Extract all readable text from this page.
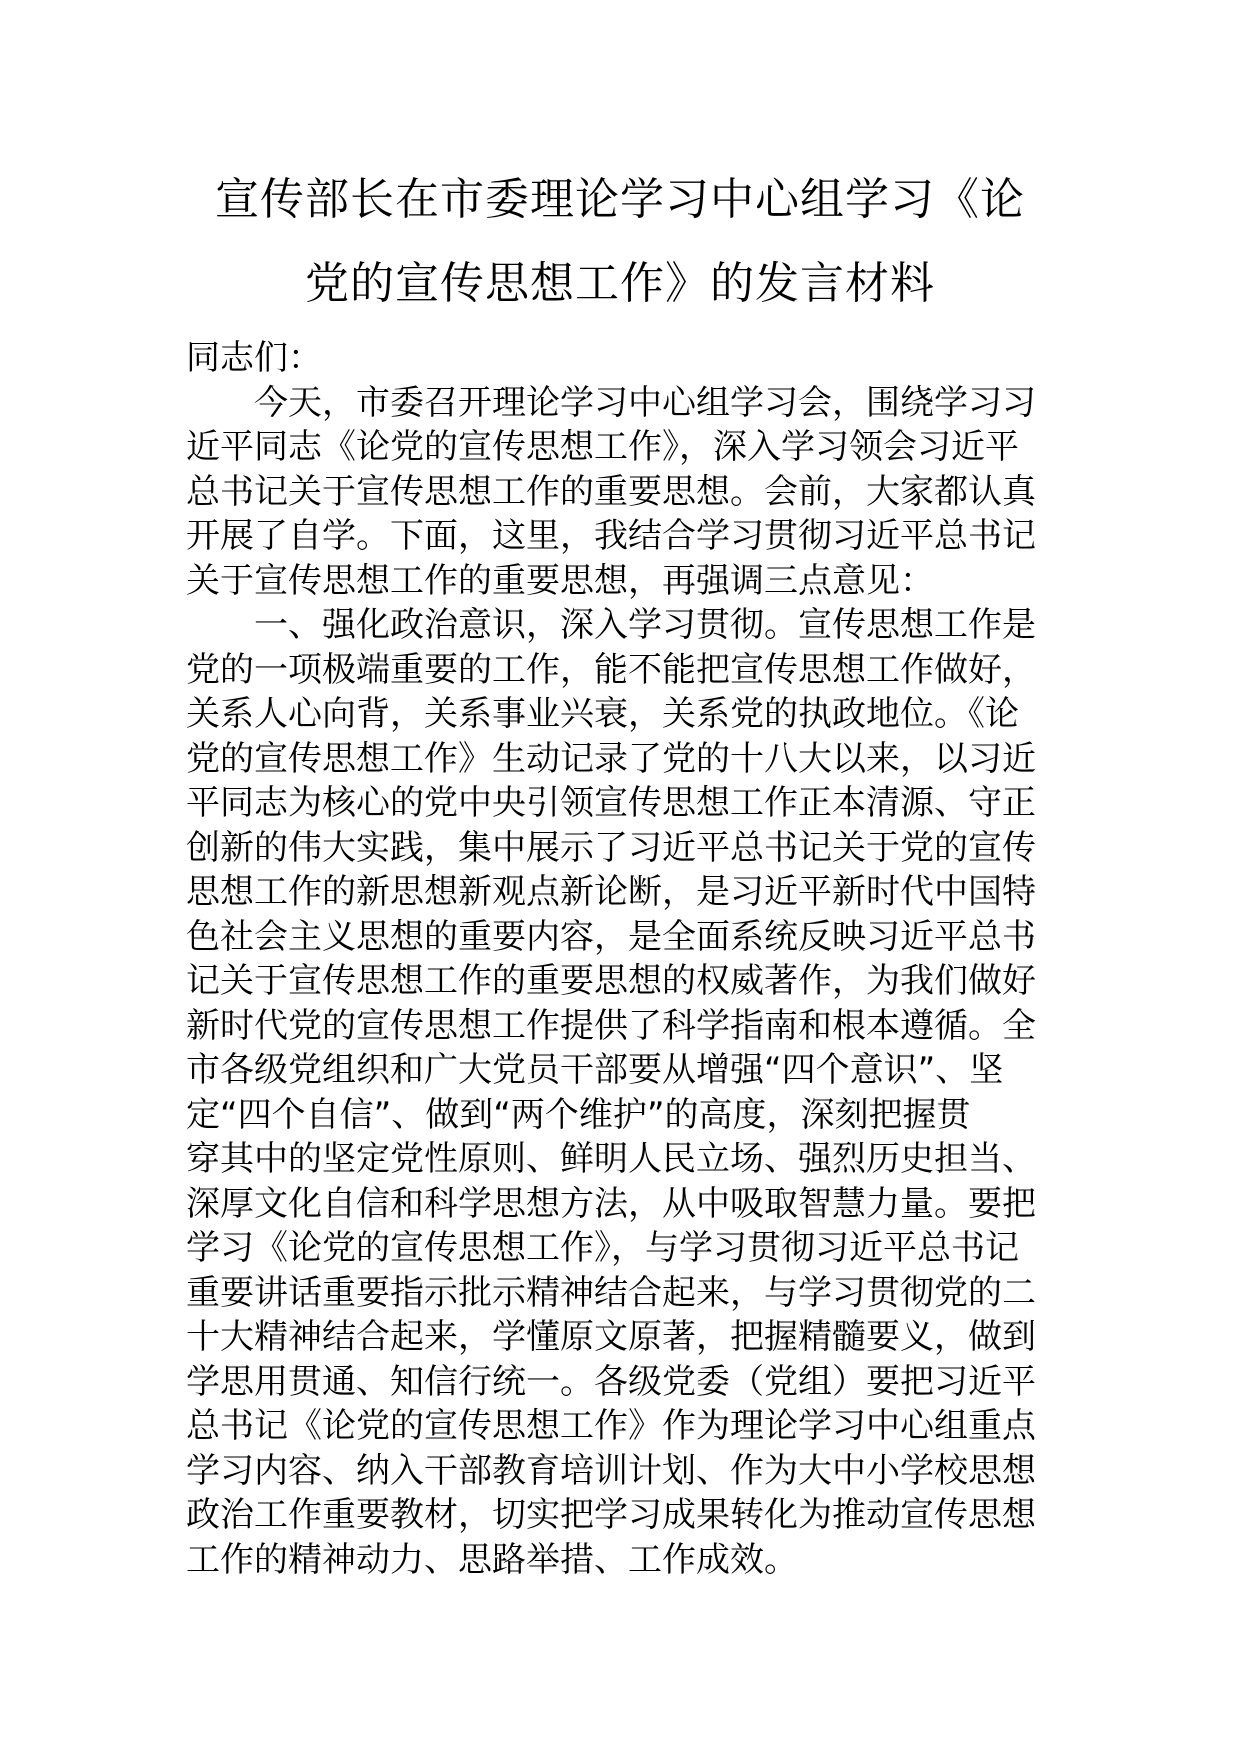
宣传部长在市委理论学习中心组学习《论
党的宣传思想工作》的发言材料
同志们：
今天，市委召开理论学习中心组学习会，围绕学习习
近平同志《论党的宣传思想工作》，深入学习领会习近平
总书记关于宣传思想工作的重要思想。会前，大家都认真
开展了自学。下面，这里，我结合学习贯彻习近平总书记
关于宣传思想工作的重要思想，再强调三点意见：
一、强化政治意识，深入学习贯彻。宣传思想工作是
党的一项极端重要的工作，能不能把宣传思想工作做好，
关系人心向背，关系事业兴衰，关系党的执政地位。《论
党的宣传思想工作》生动记录了党的十八大以来，以习近
平同志为核心的党中央引领宣传思想工作正本清源、守正
创新的伟大实践，集中展示了习近平总书记关于党的宣传
思想工作的新思想新观点新论断，是习近平新时代中国特
色社会主义思想的重要内容，是全面系统反映习近平总书
记关于宣传思想工作的重要思想的权威著作，为我们做好
新时代党的宣传思想工作提供了科学指南和根本遵循。全
市各级党组织和广大党员干部要从增强“四个意识”、坚
定“四个自信”、做到“两个维护”的高度，深刻把握贯
穿其中的坚定党性原则、鲜明人民立场、强烈历史担当、
深厚文化自信和科学思想方法，从中吸取智慧力量。要把
学习《论党的宣传思想工作》，与学习贯彻习近平总书记
重要讲话重要指示批示精神结合起来，与学习贯彻党的二
十大精神结合起来，学懂原文原著，把握精髓要义，做到
学思用贯通、知信行统一。各级党委（党组）要把习近平
总书记《论党的宣传思想工作》作为理论学习中心组重点
学习内容、纳入干部教育培训计划、作为大中小学校思想
政治工作重要教材，切实把学习成果转化为推动宣传思想
工作的精神动力、思路举措、工作成效。
